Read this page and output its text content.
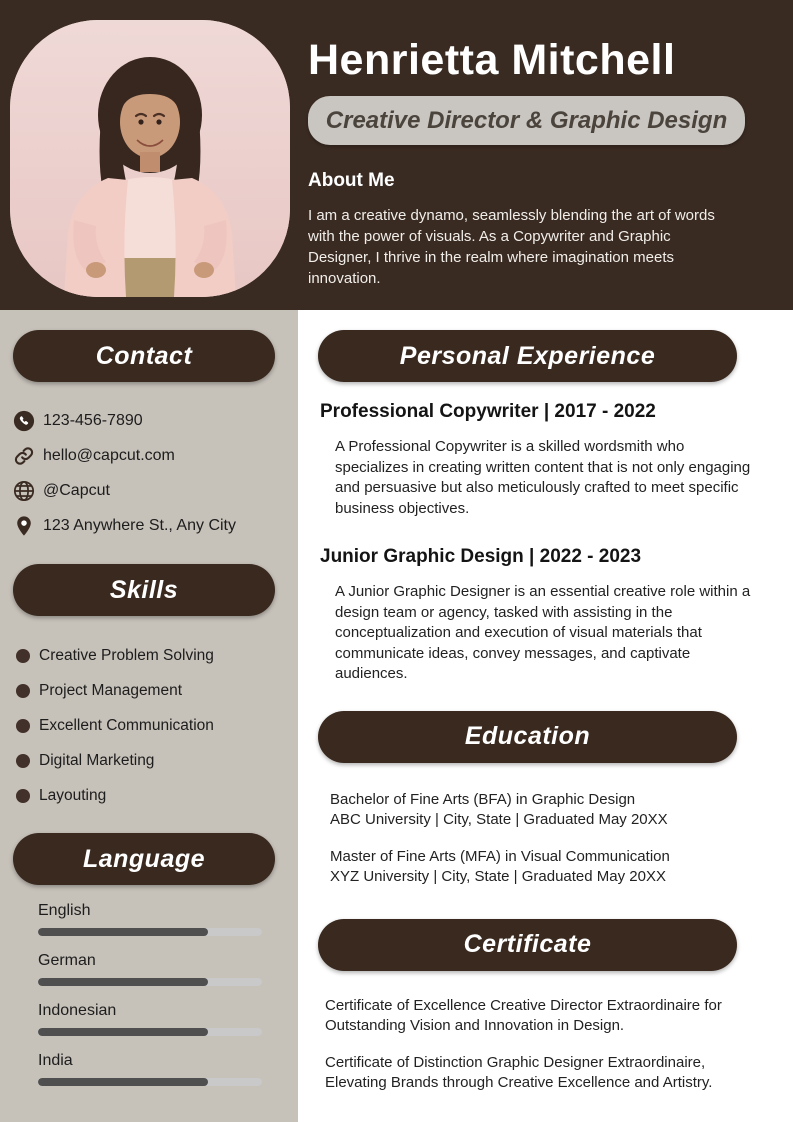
Henrietta Mitchell
Creative Director & Graphic Design
About Me
I am a creative dynamo, seamlessly blending the art of words with the power of visuals. As a Copywriter and Graphic Designer, I thrive in the realm where imagination meets innovation.
Contact
123-456-7890
hello@capcut.com
@Capcut
123 Anywhere St., Any City
Skills
Creative Problem Solving
Project Management
Excellent Communication
Digital Marketing
Layouting
Language
English
German
Indonesian
India
Personal Experience
Professional Copywriter | 2017 - 2022
A Professional Copywriter is a skilled wordsmith who specializes in creating written content that is not only engaging and persuasive but also meticulously crafted to meet specific business objectives.
Junior Graphic Design | 2022 - 2023
A Junior Graphic Designer is an essential creative role within a design team or agency, tasked with assisting in the conceptualization and execution of visual materials that communicate ideas, convey messages, and captivate audiences.
Education
Bachelor of Fine Arts (BFA) in Graphic Design
ABC University | City, State | Graduated May 20XX
Master of Fine Arts (MFA) in Visual Communication
XYZ University | City, State | Graduated May 20XX
Certificate
Certificate of Excellence Creative Director Extraordinaire for Outstanding Vision and Innovation in Design.
Certificate of Distinction Graphic Designer Extraordinaire, Elevating Brands through Creative Excellence and Artistry.
